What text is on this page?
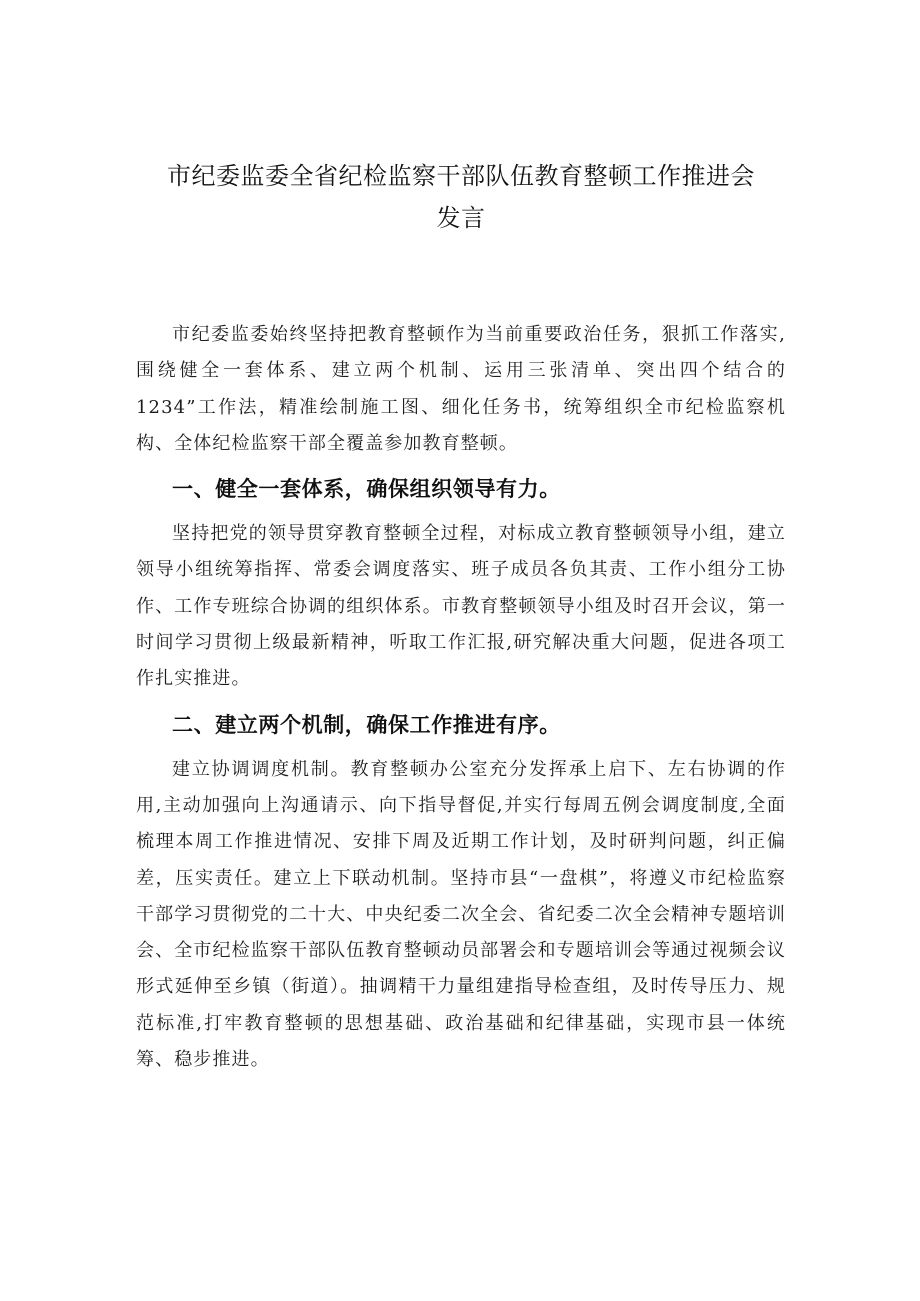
市纪委监委全省纪检监察干部队伍教育整顿工作推进会
发言

市纪委监委始终坚持把教育整顿作为当前重要政治任务，狠抓工作落实,围绕健全一套体系、建立两个机制、运用三张清单、突出四个结合的1234”工作法，精准绘制施工图、细化任务书，统筹组织全市纪检监察机构、全体纪检监察干部全覆盖参加教育整顿。

一、健全一套体系，确保组织领导有力。

坚持把党的领导贯穿教育整顿全过程，对标成立教育整顿领导小组，建立领导小组统筹指挥、常委会调度落实、班子成员各负其责、工作小组分工协作、工作专班综合协调的组织体系。市教育整顿领导小组及时召开会议，第一时间学习贯彻上级最新精神，听取工作汇报,研究解决重大问题，促进各项工作扎实推进。

二、建立两个机制，确保工作推进有序。

建立协调调度机制。教育整顿办公室充分发挥承上启下、左右协调的作用,主动加强向上沟通请示、向下指导督促,并实行每周五例会调度制度,全面梳理本周工作推进情况、安排下周及近期工作计划，及时研判问题，纠正偏差，压实责任。建立上下联动机制。坚持市县“一盘棋”，将遵义市纪检监察干部学习贯彻党的二十大、中央纪委二次全会、省纪委二次全会精神专题培训会、全市纪检监察干部队伍教育整顿动员部署会和专题培训会等通过视频会议形式延伸至乡镇（街道）。抽调精干力量组建指导检查组，及时传导压力、规范标准,打牢教育整顿的思想基础、政治基础和纪律基础，实现市县一体统筹、稳步推进。
